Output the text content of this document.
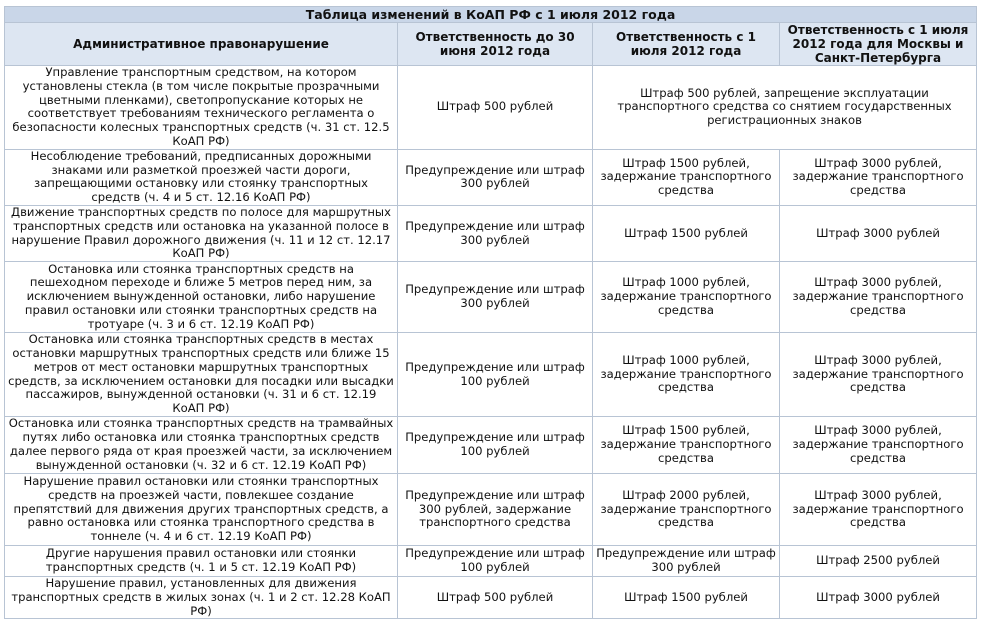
Таблица изменений в КоАП РФ с 1 июля 2012 года			
Административное правонарушение	Ответственность до 30 июня 2012 года	Ответственность с 1 июля 2012 года	Ответственность с 1 июля 2012 года для Москвы и Санкт-Петербурга
Управление транспортным средством, на котором установлены стекла (в том числе покрытые прозрачными цветными пленками), светопропускание которых не соответствует требованиям технического регламента о безопасности колесных транспортных средств (ч. 31 ст. 12.5 КоАП РФ)	Штраф 500 рублей	Штраф 500 рублей, запрещение эксплуатации транспортного средства со снятием государственных регистрационных знаков	
Несоблюдение требований, предписанных дорожными знаками или разметкой проезжей части дороги, запрещающими остановку или стоянку транспортных средств (ч. 4 и 5 ст. 12.16 КоАП РФ)	Предупреждение или штраф 300 рублей	Штраф 1500 рублей, задержание транспортного средства	Штраф 3000 рублей, задержание транспортного средства
Движение транспортных средств по полосе для маршрутных транспортных средств или остановка на указанной полосе в нарушение Правил дорожного движения (ч. 11 и 12 ст. 12.17 КоАП РФ)	Предупреждение или штраф 300 рублей	Штраф 1500 рублей	Штраф 3000 рублей
Остановка или стоянка транспортных средств на пешеходном переходе и ближе 5 метров перед ним, за исключением вынужденной остановки, либо нарушение правил остановки или стоянки транспортных средств на тротуаре (ч. 3 и 6 ст. 12.19 КоАП РФ)	Предупреждение или штраф 300 рублей	Штраф 1000 рублей, задержание транспортного средства	Штраф 3000 рублей, задержание транспортного средства
Остановка или стоянка транспортных средств в местах остановки маршрутных транспортных средств или ближе 15 метров от мест остановки маршрутных транспортных средств, за исключением остановки для посадки или высадки пассажиров, вынужденной остановки (ч. 31 и 6 ст. 12.19 КоАП РФ)	Предупреждение или штраф 100 рублей	Штраф 1000 рублей, задержание транспортного средства	Штраф 3000 рублей, задержание транспортного средства
Остановка или стоянка транспортных средств на трамвайных путях либо остановка или стоянка транспортных средств далее первого ряда от края проезжей части, за исключением вынужденной остановки (ч. 32 и 6 ст. 12.19 КоАП РФ)	Предупреждение или штраф 100 рублей	Штраф 1500 рублей, задержание транспортного средства	Штраф 3000 рублей, задержание транспортного средства
Нарушение правил остановки или стоянки транспортных средств на проезжей части, повлекшее создание препятствий для движения других транспортных средств, а равно остановка или стоянка транспортного средства в тоннеле (ч. 4 и 6 ст. 12.19 КоАП РФ)	Предупреждение или штраф 300 рублей, задержание транспортного средства	Штраф 2000 рублей, задержание транспортного средства	Штраф 3000 рублей, задержание транспортного средства
Другие нарушения правил остановки или стоянки транспортных средств (ч. 1 и 5 ст. 12.19 КоАП РФ)	Предупреждение или штраф 100 рублей	Предупреждение или штраф 300 рублей	Штраф 2500 рублей
Нарушение правил, установленных для движения транспортных средств в жилых зонах (ч. 1 и 2 ст. 12.28 КоАП РФ)	Штраф 500 рублей	Штраф 1500 рублей	Штраф 3000 рублей
